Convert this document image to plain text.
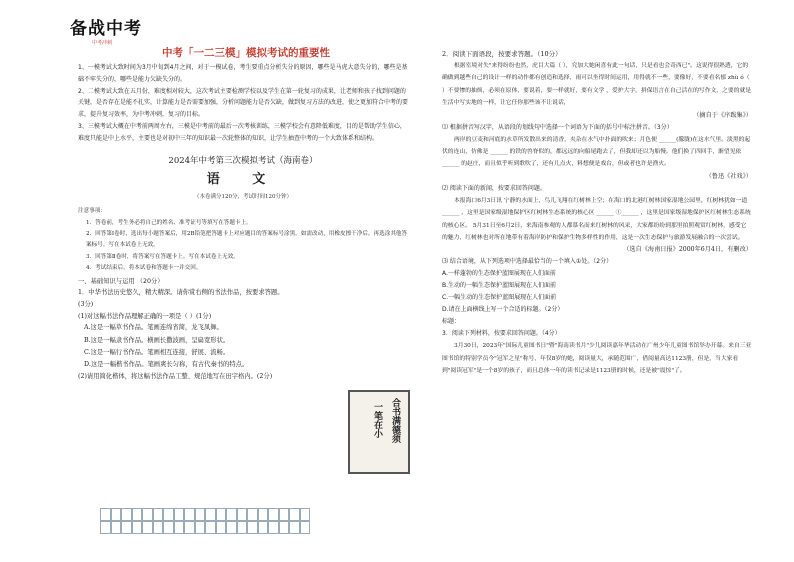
备战中考
中考冲刺
中考「一二三模」模拟考试的重要性

1、一模考试大致时间为3月中旬到4月之间，对于一模试卷，考生要重点分析失分的原因，哪些是马虎大意失分的，哪些是基础不牢失分的，哪些是能力欠缺失分的。

2、二模考试大致在五月份，难度相对较大，这次考试主要检测学校以及学生在第一轮复习的成果，让老师和孩子找到问题的关键，是否存在是能不扎实，计算能力是否需要加强，分析问题能力是否欠缺，做到复习方法的改进，使之更加符合中考的要求，提升复习效率，为中考冲刺，复习的目标。

3、三模考试大概在中考前两周左右，三模是中考前的最后一次考核训练，三模学校会有意降低难度，目的是帮助学生信心，难度只能是中上水平，主要也是对初中三年的知识最一次轮整体的知识，让学生抽查中考的一个大致体系和结构。

2024年中考第三次模拟考试（海南卷）
语 文
（本卷满分120分，考试时间120分钟）
注意事项：

1．答卷前，考生务必将自己的姓名、准考证号等填写在答题卡上。

2．回答第Ⅰ卷时，选出每小题答案后，用2B铅笔把答题卡上对应题目的答案标号涂黑。如需改动，用橡皮擦干净后，再选涂其他答案标号。写在本试卷上无效。

3．回答第Ⅱ卷时，将答案写在答题卡上。写在本试卷上无效。

4．考试结束后，将本试卷和答题卡一并交回。

一、基础知识与运用 （20分）
1．中华书法历史悠久，精大精深。请你赏右侧的书法作品，按要求答题。
(3分)
(1)对这幅书法作品理解正确的一项是（ ）(1分)
A.这是一幅草书作品。笔画连绵省简，龙飞凤舞。
B.这是一幅隶书作品。横画长撒波画，呈扁宽形状。
C.这是一幅行书作品。笔画相互连接，舒展、流畅。
D.这是一幅楷书作品。笔画爽长匀称，有古代秦书的特点。
(2)请用简化楷体，将这幅书法作品工整、规范地写在田字格内。(2分)
合书满德须
一笔在小
2．阅读下面语段，按要求答题。（10分）

根据室境对失"来得纷纷也然，虎目大篇（ ），究加大她闲喜有此一句话，只是看也会奇西已"。这说得很熟透，它的确做到越些自己的设计一样的动作都有创造和选择，雨可以坐得时间运用，用得就不一些，要像好，不要看名郁 zhù ó（ ）不要惨的抽烦，必须在原体，要说着，要一样就好，要有文学 ，爱护大字，拼保语言在自己活在的写作文，之要的就是生活中写实地的一样，让它任你那些该不让说话，

（摘自于《序跋集》）
⑴ 根据拼音写汉字，从语段的划线句中选择一个词语为下面的括号中标注拼音。（3分）

两岸的豆麦和河底的水草所发散出来的清香，夹杂在水气中扑面的吹来；月色便 ______(朦胧)在这水气里。淡黑的起伏的连山，仿佛是 ______ 的铁的兽脊似的，都远远的向船尾跑去了，但我却还以为船慢。他们换了四回手，渐望见依 ______ 的赵庄，而且似乎听到歌吹了，还有几点火，料想便是戏台，但或者也许是渔火。

（鲁迅《社戏》）
⑵ 阅读下面的新闻，按要求回答问题。

本报海口6月3日讯 宁静的水面上，鸟儿飞翔在红树林上空；在海口的北港红树林国家湿地公园里，红树林犹如一道 ______ ，这里是国家级湿地保护区红树林生态系统的核心区 ______ ①______ ，这里是国家级湿地保护区红树林生态系统的核心区。 5月31日至6月2日，来海南参观的人都慕名而来红树林的风采，大家都纷纷到那里拍照观赏红树林，感受它的魅力，红树林也对所在地带有着海岸防护和保护生物多样性的作用，这是一次生态保护与旅游发展融合的一次尝试。

（选自《海南日报》2000年6月4日，有删改）
⑶ 结合语境，从下列选项中选择最恰当的一个填入①处。（2分）
A.一样蓬勃的生态保护蓝图展现在人们面前
B.生动的一幅生态保护蓝图展现在人们面前
C.一幅生动的生态保护蓝图展现在人们面前
D.请在上面横线上写一个合适的标题。（2分）
标题：
3．阅读下列材料，按要求回答问题。（4分）

3月30日，2023年"国际儿童图书日"暨"海南读书月"少儿阅读嘉年华活动在广州少年儿童图书馆举办开幕。来自三亚图书馆的特别学员今"冠军之星"称号，年仅8岁的她，阅读量大，承随范围广，借阅量高达1123册，但是，当大家看到"阅读冠军"是一个8岁的孩子，而且总体一年的读书记录是1123册的时候，还是被"震惊"了。
